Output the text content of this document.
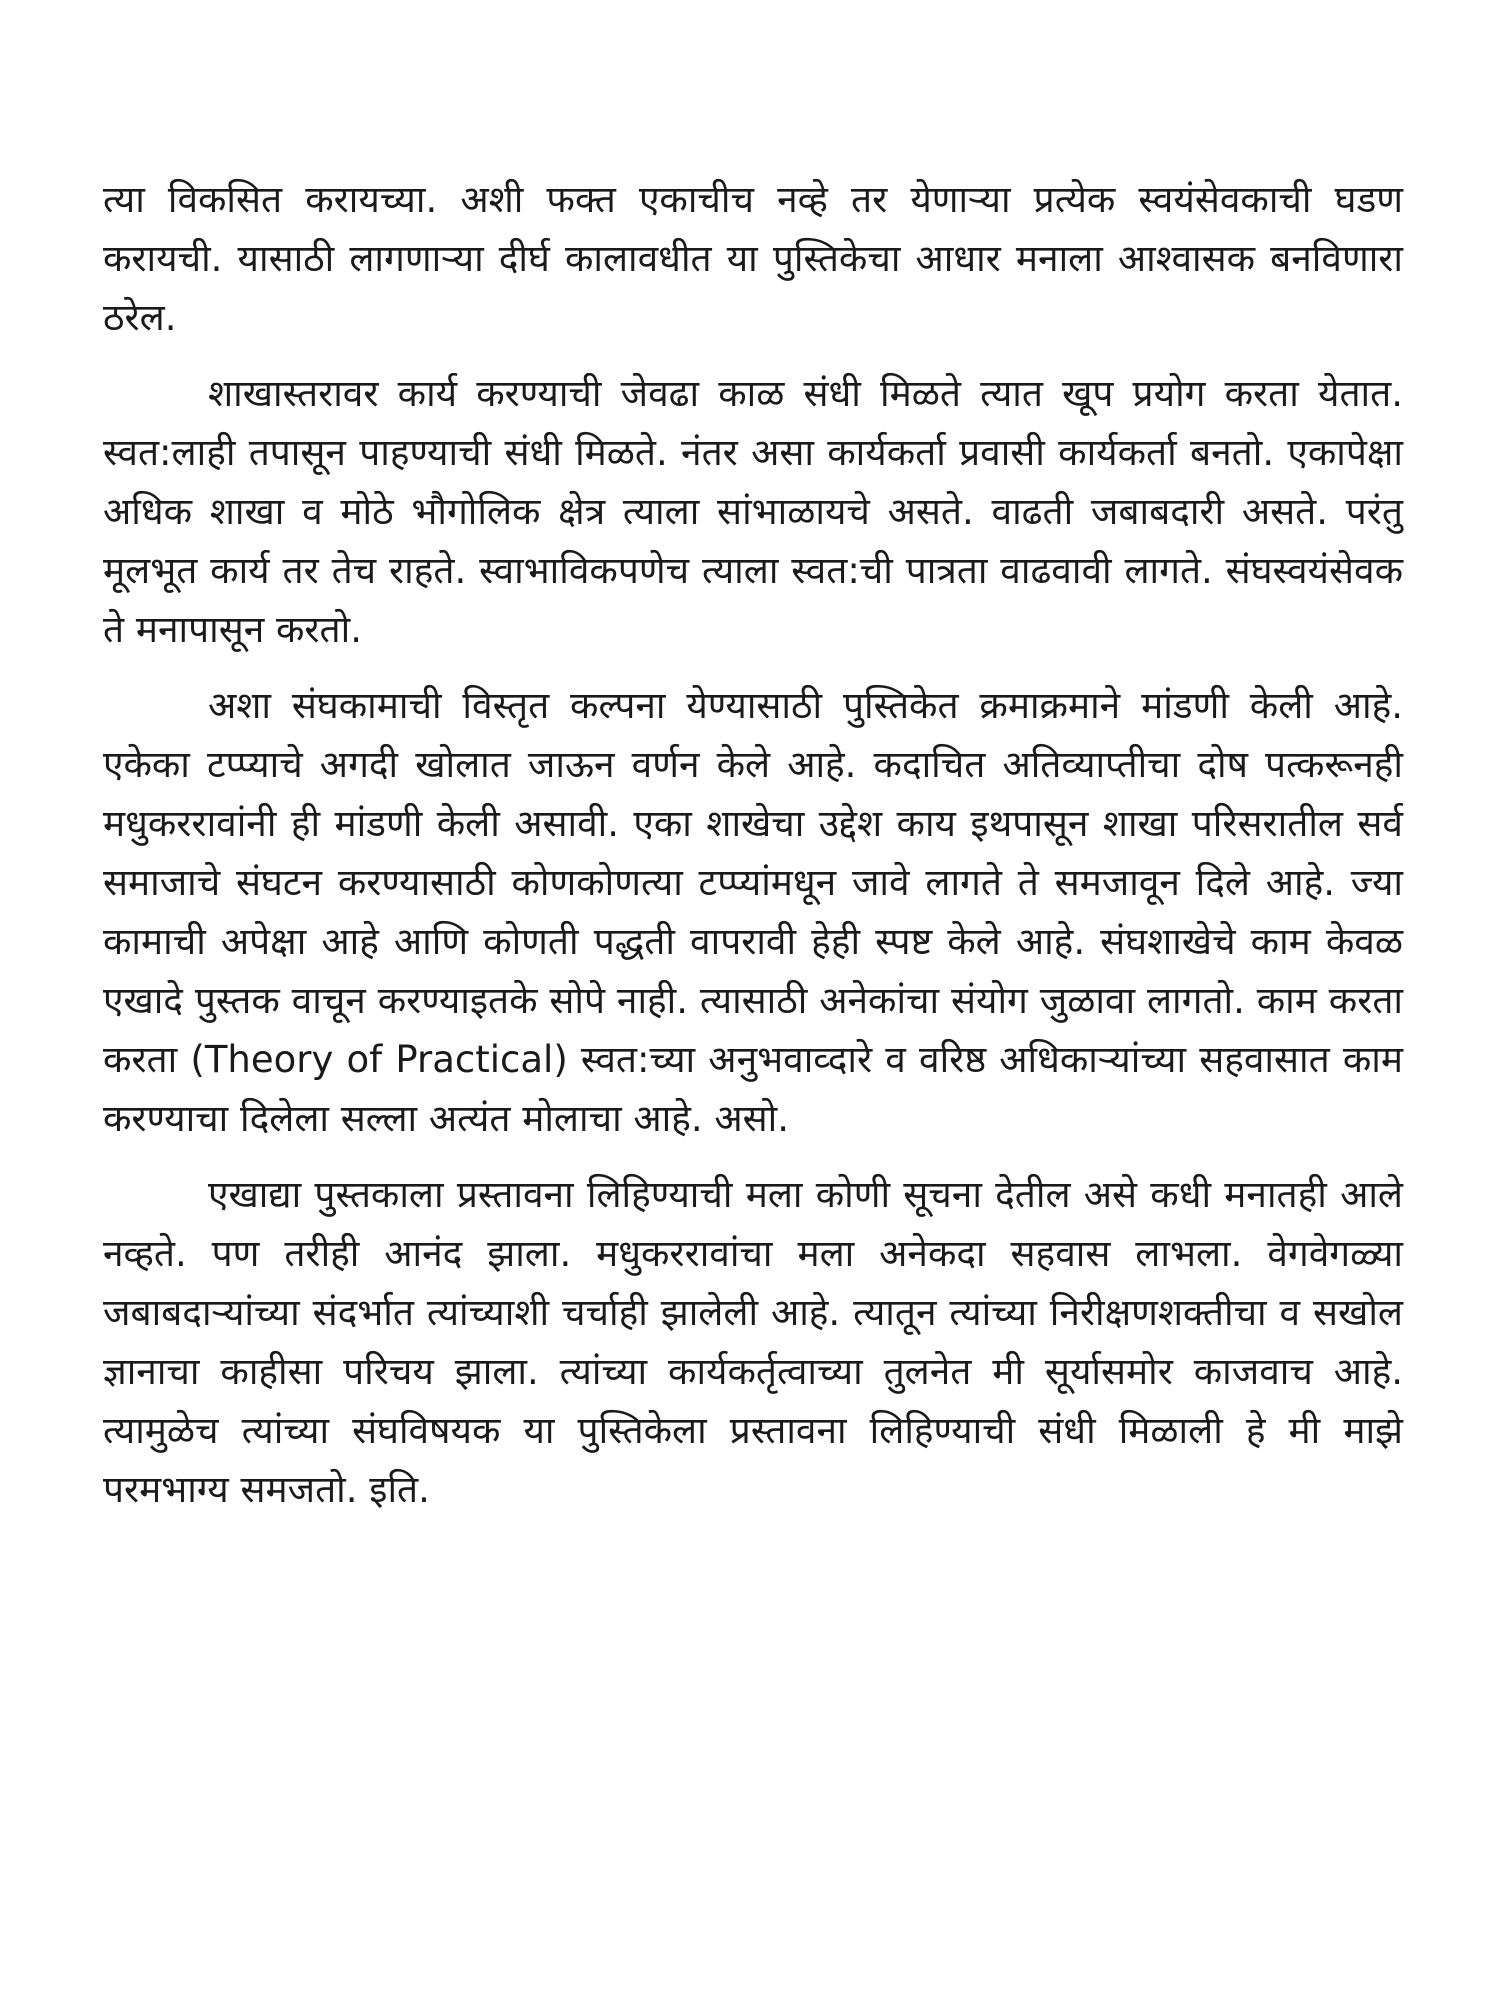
त्या विकसित करायच्या. अशी फक्त एकाचीच नव्हे तर येणाऱ्या प्रत्येक स्वयंसेवकाची घडण करायची. यासाठी लागणाऱ्या दीर्घ कालावधीत या पुस्तिकेचा आधार मनाला आश्वासक बनविणारा ठरेल.

शाखास्तरावर कार्य करण्याची जेवढा काळ संधी मिळते त्यात खूप प्रयोग करता येतात. स्वत:लाही तपासून पाहण्याची संधी मिळते. नंतर असा कार्यकर्ता प्रवासी कार्यकर्ता बनतो. एकापेक्षा अधिक शाखा व मोठे भौगोलिक क्षेत्र त्याला सांभाळायचे असते. वाढती जबाबदारी असते. परंतु मूलभूत कार्य तर तेच राहते. स्वाभाविकपणेच त्याला स्वत:ची पात्रता वाढवावी लागते. संघस्वयंसेवक ते मनापासून करतो.

अशा संघकामाची विस्तृत कल्पना येण्यासाठी पुस्तिकेत क्रमाक्रमाने मांडणी केली आहे. एकेका टप्प्याचे अगदी खोलात जाऊन वर्णन केले आहे. कदाचित अतिव्याप्तीचा दोष पत्करूनही मधुकररावांनी ही मांडणी केली असावी. एका शाखेचा उद्देश काय इथपासून शाखा परिसरातील सर्व समाजाचे संघटन करण्यासाठी कोणकोणत्या टप्प्यांमधून जावे लागते ते समजावून दिले आहे. ज्या कामाची अपेक्षा आहे आणि कोणती पद्धती वापरावी हेही स्पष्ट केले आहे. संघशाखेचे काम केवळ एखादे पुस्तक वाचून करण्याइतके सोपे नाही. त्यासाठी अनेकांचा संयोग जुळावा लागतो. काम करता करता (Theory of Practical) स्वत:च्या अनुभवाव्दारे व वरिष्ठ अधिकाऱ्यांच्या सहवासात काम करण्याचा दिलेला सल्ला अत्यंत मोलाचा आहे. असो.

एखाद्या पुस्तकाला प्रस्तावना लिहिण्याची मला कोणी सूचना देतील असे कधी मनातही आले नव्हते. पण तरीही आनंद झाला. मधुकररावांचा मला अनेकदा सहवास लाभला. वेगवेगळ्या जबाबदाऱ्यांच्या संदर्भात त्यांच्याशी चर्चाही झालेली आहे. त्यातून त्यांच्या निरीक्षणशक्तीचा व सखोल ज्ञानाचा काहीसा परिचय झाला. त्यांच्या कार्यकर्तृत्वाच्या तुलनेत मी सूर्यासमोर काजवाच आहे. त्यामुळेच त्यांच्या संघविषयक या पुस्तिकेला प्रस्तावना लिहिण्याची संधी मिळाली हे मी माझे परमभाग्य समजतो. इति.
